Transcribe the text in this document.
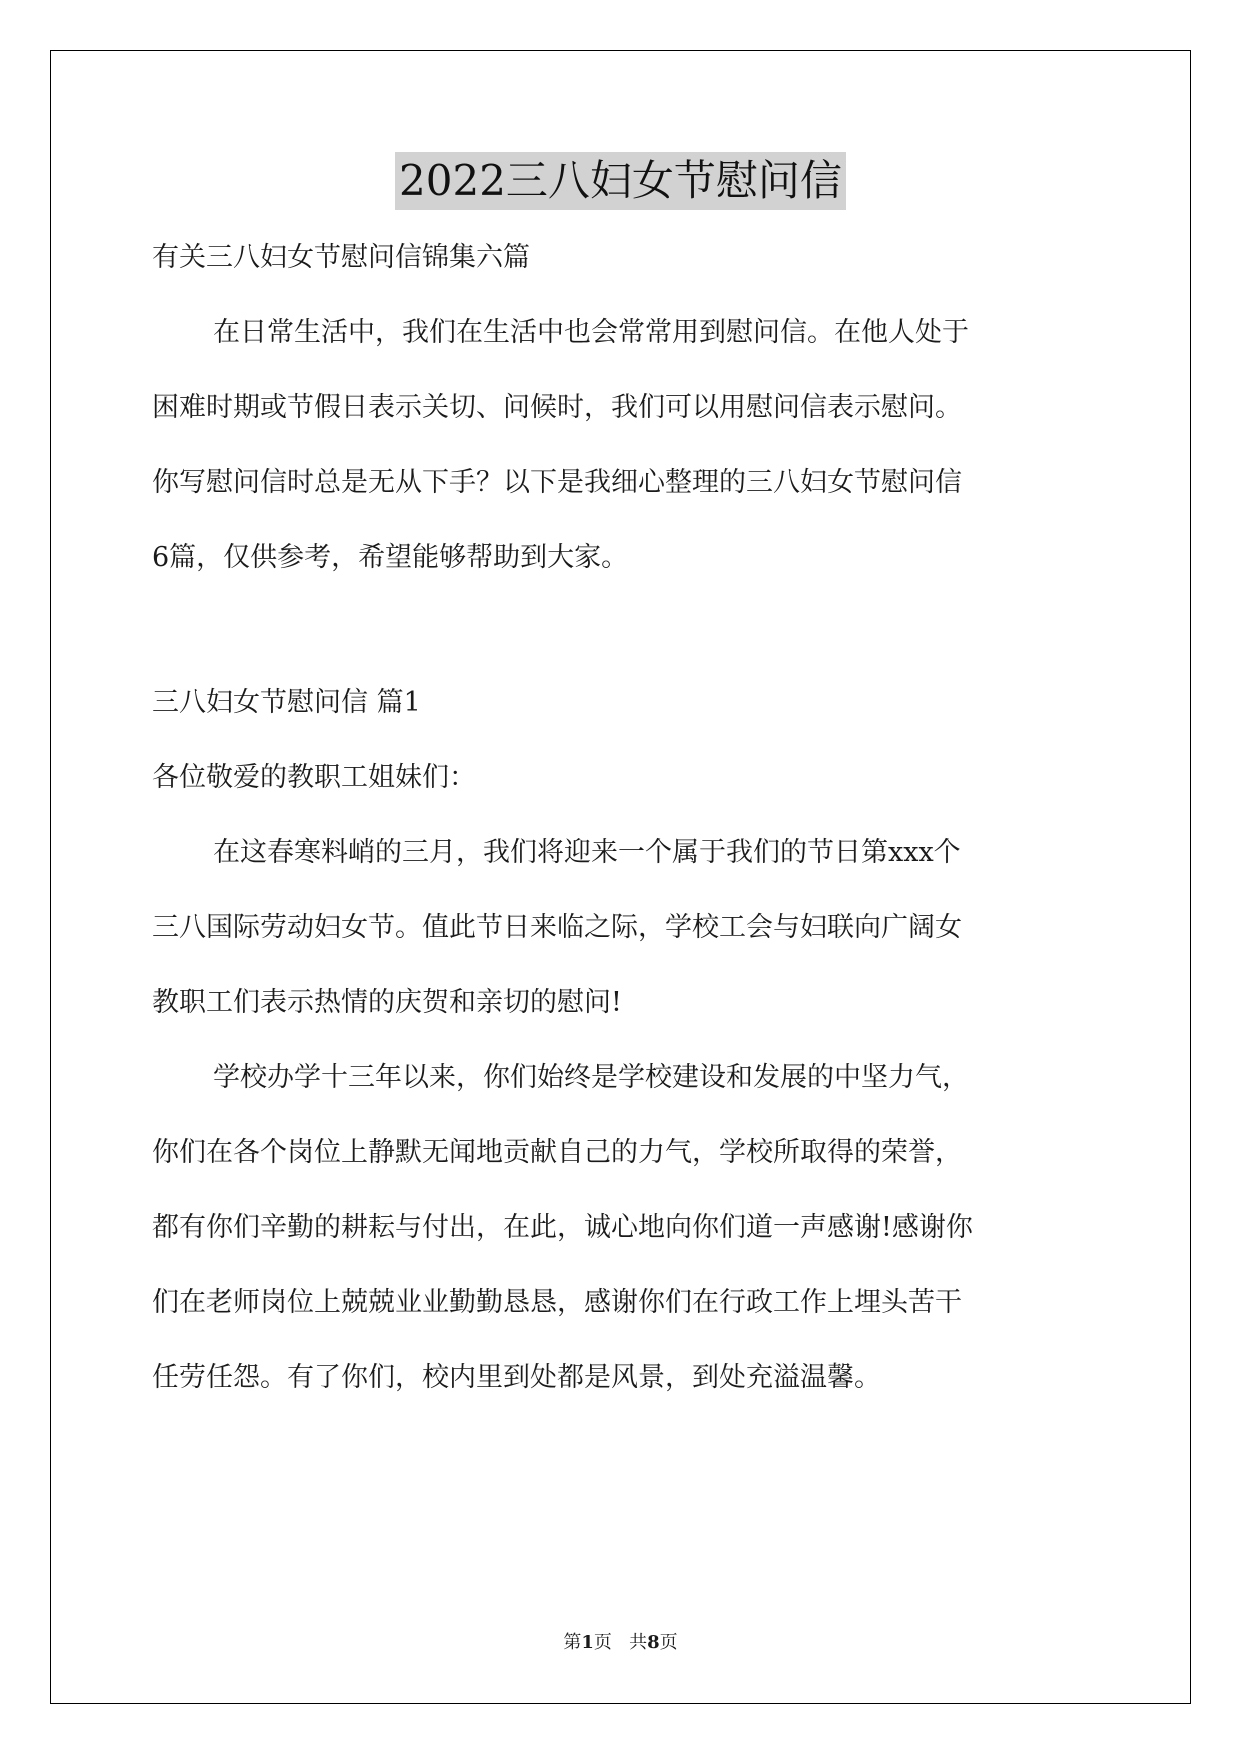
2022三八妇女节慰问信
有关三八妇女节慰问信锦集六篇
在日常生活中，我们在生活中也会常常用到慰问信。在他人处于
困难时期或节假日表示关切、问候时，我们可以用慰问信表示慰问。
你写慰问信时总是无从下手？以下是我细心整理的三八妇女节慰问信
6篇，仅供参考，希望能够帮助到大家。
三八妇女节慰问信 篇1
各位敬爱的教职工姐妹们：
在这春寒料峭的三月，我们将迎来一个属于我们的节日第xxx个
三八国际劳动妇女节。值此节日来临之际，学校工会与妇联向广阔女
教职工们表示热情的庆贺和亲切的慰问!
学校办学十三年以来，你们始终是学校建设和发展的中坚力气，
你们在各个岗位上静默无闻地贡献自己的力气，学校所取得的荣誉，
都有你们辛勤的耕耘与付出，在此，诚心地向你们道一声感谢!感谢你
们在老师岗位上兢兢业业勤勤恳恳，感谢你们在行政工作上埋头苦干
任劳任怨。有了你们，校内里到处都是风景，到处充溢温馨。
第1页 共8页
